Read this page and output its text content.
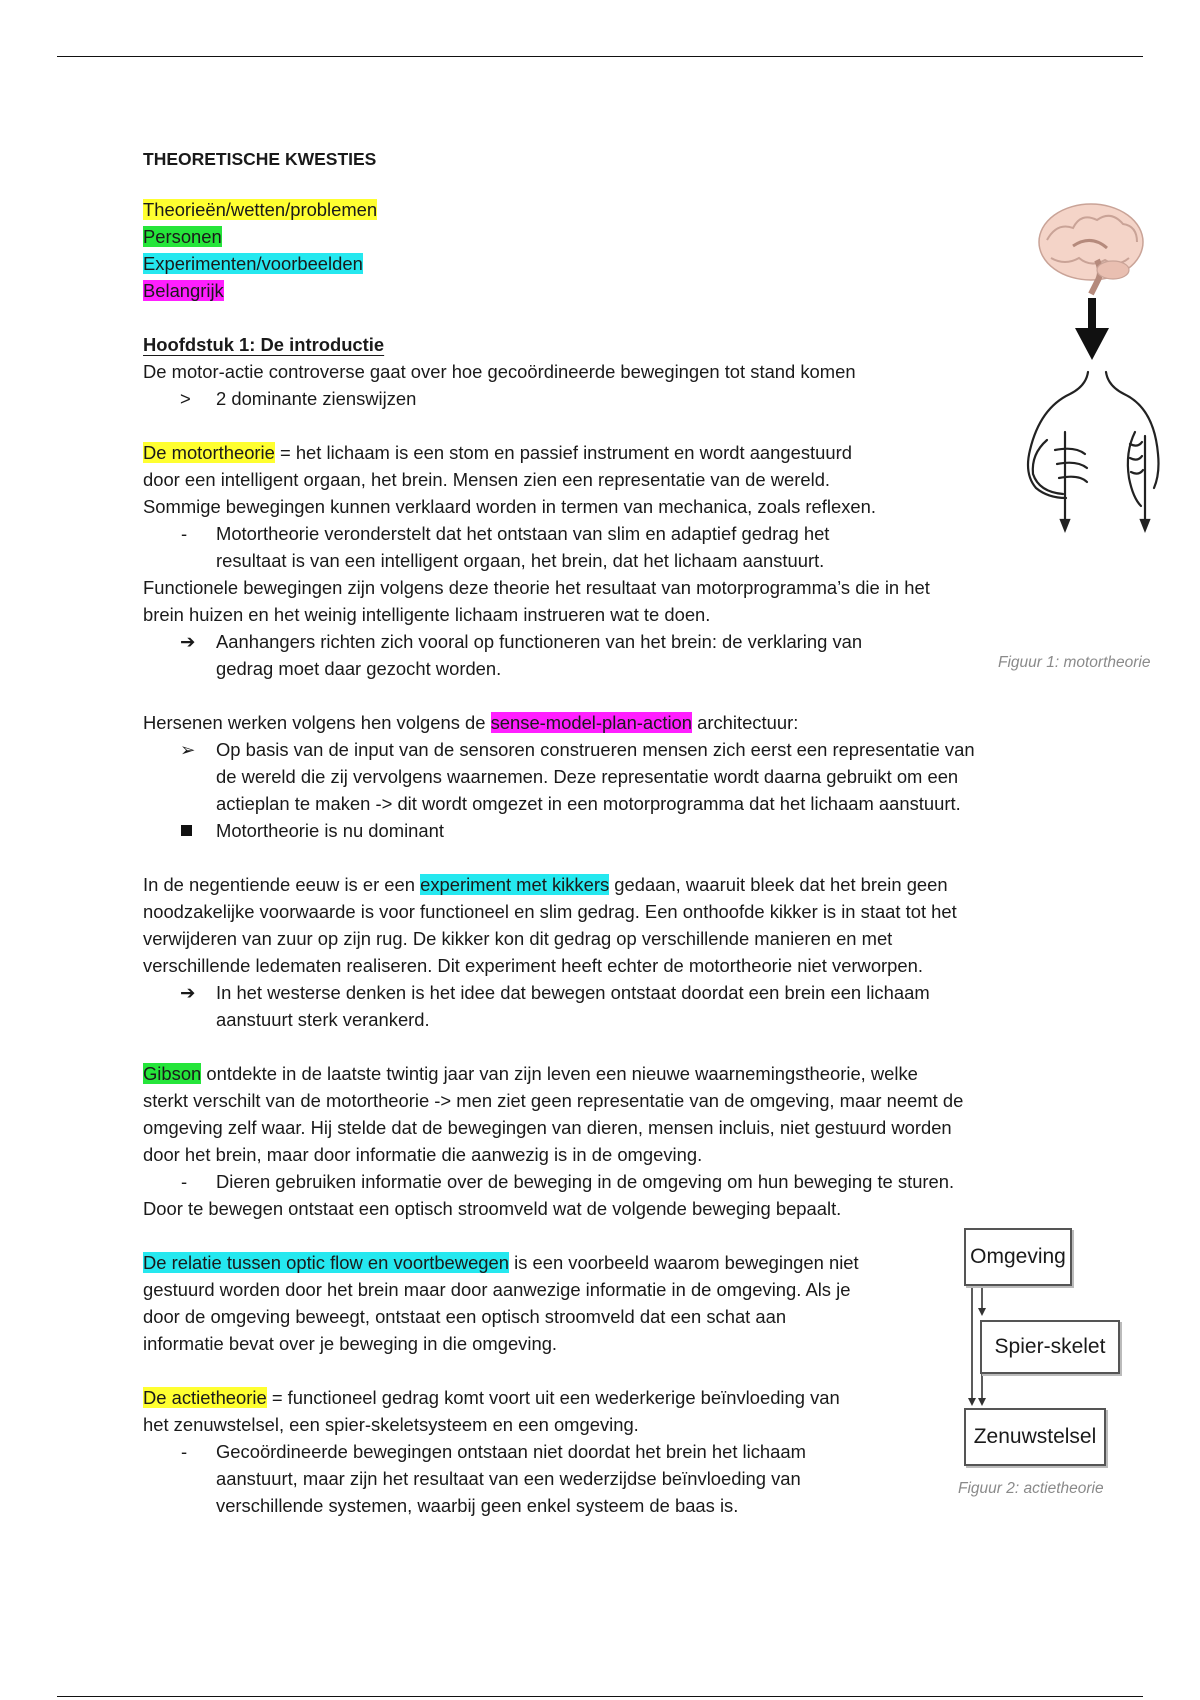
THEORETISCHE KWESTIES
Theorieën/wetten/problemen
Personen
Experimenten/voorbeelden
Belangrijk
Hoofdstuk 1: De introductie
De motor-actie controverse gaat over hoe gecoördineerde bewegingen tot stand komen
>	2 dominante zienswijzen
De motortheorie = het lichaam is een stom en passief instrument en wordt aangestuurd
door een intelligent orgaan, het brein. Mensen zien een representatie van de wereld.
Sommige bewegingen kunnen verklaard worden in termen van mechanica, zoals reflexen.
-	Motortheorie veronderstelt dat het ontstaan van slim en adaptief gedrag het
resultaat is van een intelligent orgaan, het brein, dat het lichaam aanstuurt.
Functionele bewegingen zijn volgens deze theorie het resultaat van motorprogramma’s die in het
brein huizen en het weinig intelligente lichaam instrueren wat te doen.
➔	Aanhangers richten zich vooral op functioneren van het brein: de verklaring van
gedrag moet daar gezocht worden.
Hersenen werken volgens hen volgens de sense-model-plan-action architectuur:
➢	Op basis van de input van de sensoren construeren mensen zich eerst een representatie van
de wereld die zij vervolgens waarnemen. Deze representatie wordt daarna gebruikt om een
actieplan te maken -> dit wordt omgezet in een motorprogramma dat het lichaam aanstuurt.
Motortheorie is nu dominant
In de negentiende eeuw is er een experiment met kikkers gedaan, waaruit bleek dat het brein geen
noodzakelijke voorwaarde is voor functioneel en slim gedrag. Een onthoofde kikker is in staat tot het
verwijderen van zuur op zijn rug. De kikker kon dit gedrag op verschillende manieren en met
verschillende ledematen realiseren. Dit experiment heeft echter de motortheorie niet verworpen.
➔	In het westerse denken is het idee dat bewegen ontstaat doordat een brein een lichaam
aanstuurt sterk verankerd.
Gibson ontdekte in de laatste twintig jaar van zijn leven een nieuwe waarnemingstheorie, welke
sterkt verschilt van de motortheorie -> men ziet geen representatie van de omgeving, maar neemt de
omgeving zelf waar. Hij stelde dat de bewegingen van dieren, mensen incluis, niet gestuurd worden
door het brein, maar door informatie die aanwezig is in de omgeving.
-	Dieren gebruiken informatie over de beweging in de omgeving om hun beweging te sturen.
Door te bewegen ontstaat een optisch stroomveld wat de volgende beweging bepaalt.
De relatie tussen optic flow en voortbewegen is een voorbeeld waarom bewegingen niet
gestuurd worden door het brein maar door aanwezige informatie in de omgeving. Als je
door de omgeving beweegt, ontstaat een optisch stroomveld dat een schat aan
informatie bevat over je beweging in die omgeving.
De actietheorie = functioneel gedrag komt voort uit een wederkerige beïnvloeding van
het zenuwstelsel, een spier-skeletsysteem en een omgeving.
-	Gecoördineerde bewegingen ontstaan niet doordat het brein het lichaam
aanstuurt, maar zijn het resultaat van een wederzijdse beïnvloeding van
verschillende systemen, waarbij geen enkel systeem de baas is.
Figuur 1: motortheorie
Omgeving
Spier-skelet
Zenuwstelsel
Figuur 2: actietheorie
